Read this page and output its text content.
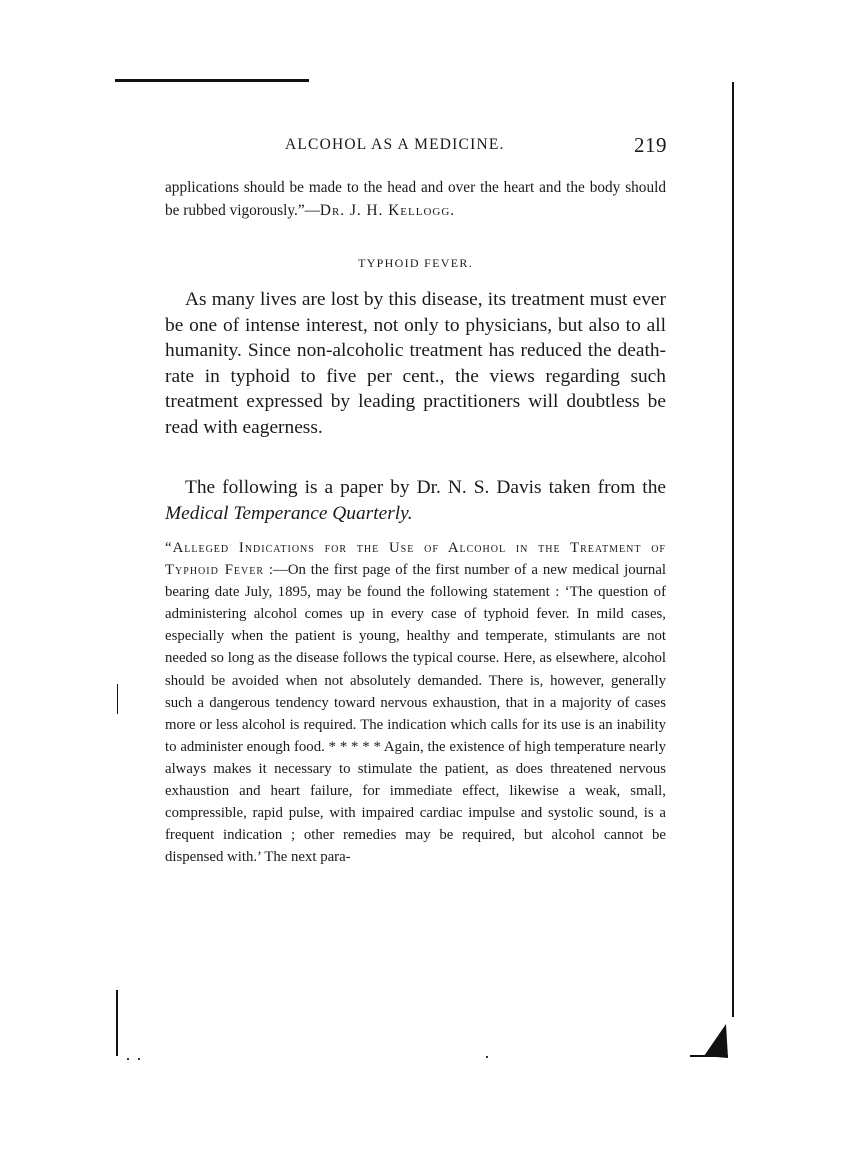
ALCOHOL AS A MEDICINE.	219
applications should be made to the head and over the heart and the body should be rubbed vigorously.”—Dr. J. H. Kellogg.
TYPHOID FEVER.
As many lives are lost by this disease, its treatment must ever be one of intense interest, not only to physicians, but also to all humanity. Since non-alcoholic treatment has reduced the death-rate in typhoid to five per cent., the views regarding such treatment expressed by leading practitioners will doubtless be read with eagerness.
The following is a paper by Dr. N. S. Davis taken from the Medical Temperance Quarterly.
“Alleged Indications for the Use of Alcohol in the Treatment of Typhoid Fever :—On the first page of the first number of a new medical journal bearing date July, 1895, may be found the following statement : ‘The question of administering alcohol comes up in every case of typhoid fever. In mild cases, especially when the patient is young, healthy and temperate, stimulants are not needed so long as the disease follows the typical course. Here, as elsewhere, alcohol should be avoided when not absolutely demanded. There is, however, generally such a dangerous tendency toward nervous exhaustion, that in a majority of cases more or less alcohol is required. The indication which calls for its use is an inability to administer enough food. * * * * * Again, the existence of high temperature nearly always makes it necessary to stimulate the patient, as does threatened nervous exhaustion and heart failure, for immediate effect, likewise a weak, small, compressible, rapid pulse, with impaired cardiac impulse and systolic sound, is a frequent indication ; other remedies may be required, but alcohol cannot be dispensed with.’ The next para-
